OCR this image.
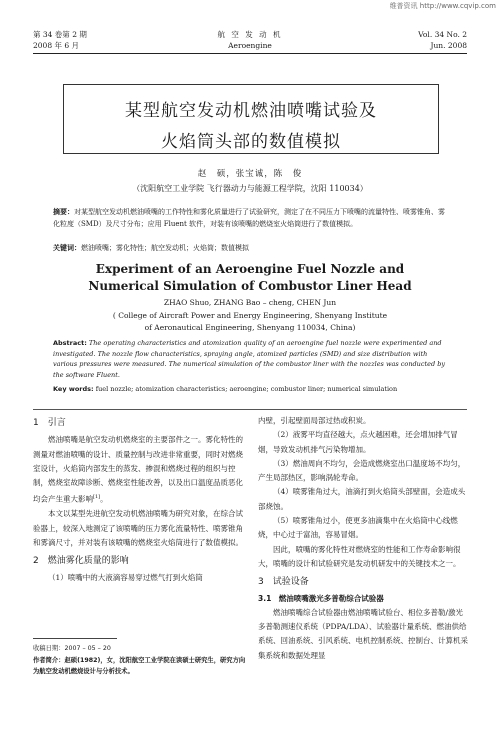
维普资讯 http://www.cqvip.com
第 34 卷第 2 期
2008 年 6 月
航 空 发 动 机
Aeroengine
Vol. 34 No. 2
Jun. 2008
某型航空发动机燃油喷嘴试验及
火焰筒头部的数值模拟
赵　硕，张宝诚，陈　俊
（沈阳航空工业学院 飞行器动力与能源工程学院，沈阳 110034）
摘要：对某型航空发动机燃油喷嘴的工作特性和雾化质量进行了试验研究，测定了在不同压力下喷嘴的流量特性、喷雾锥角、雾化粒度（SMD）及尺寸分布；应用 Fluent 软件，对装有该喷嘴的燃烧室火焰筒进行了数值模拟。
关键词：燃油喷嘴；雾化特性；航空发动机；火焰筒；数值模拟
Experiment of an Aeroengine Fuel Nozzle and
Numerical Simulation of Combustor Liner Head
ZHAO Shuo, ZHANG Bao – cheng, CHEN Jun
( College of Aircraft Power and Energy Engineering, Shenyang Institute
of Aeronautical Engineering, Shenyang 110034, China)
Abstract: The operating characteristics and atomization quality of an aeroengine fuel nozzle were experimented and investigated. The nozzle flow characteristics, spraying angle, atomized particles (SMD) and size distribution with various pressures were measured. The numerical simulation of the combustor liner with the nozzles was conducted by the software Fluent.
Key words: fuel nozzle; atomization characteristics; aeroengine; combustor liner; numerical simulation
1　引言

燃油喷嘴是航空发动机燃烧室的主要部件之一。雾化特性的测量对燃油喷嘴的设计、质量控制与改进非常重要，同时对燃烧室设计，火焰筒内部发生的蒸发、掺混和燃烧过程的组织与控制，燃烧室故障诊断、燃烧室性能改善，以及出口温度品质恶化均会产生重大影响[1]。

本文以某型先进航空发动机燃油喷嘴为研究对象，在综合试验器上，较深入地测定了该喷嘴的压力雾化流量特性、喷雾锥角和雾滴尺寸，并对装有该喷嘴的燃烧室火焰筒进行了数值模拟。

2　燃油雾化质量的影响

（1）喷嘴中的大液滴容易穿过燃气打到火焰筒

内壁，引起壁面局部过热或积炭。

（2）液雾平均直径越大，点火越困难，还会增加排气冒烟，导致发动机排气污染物增加。

（3）燃油周向不均匀，会造成燃烧室出口温度场不均匀，产生局部热区，影响涡轮寿命。

（4）喷雾锥角过大，油滴打到火焰筒头部壁面，会造成头部烧蚀。

（5）喷雾锥角过小，使更多油滴集中在火焰筒中心线燃烧，中心过于富油，容易冒烟。

因此，喷嘴的雾化特性对燃烧室的性能和工作寿命影响很大，喷嘴的设计和试验研究是发动机研发中的关键技术之一。

3　试验设备
3.1　燃油喷嘴激光多普勒综合试验器

燃油喷嘴综合试验器由燃油喷嘴试验台、相位多普勒/激光多普勒测速仪系统（PDPA/LDA）、试验器计量系统、燃油供给系统、回油系统、引风系统、电机控制系统、控制台、计算机采集系统和数据处理显

收稿日期：2007 – 05 – 20
作者简介：赵硕(1982)，女，沈阳航空工业学院在读硕士研究生，研究方向为航空发动机燃烧设计与分析技术。
